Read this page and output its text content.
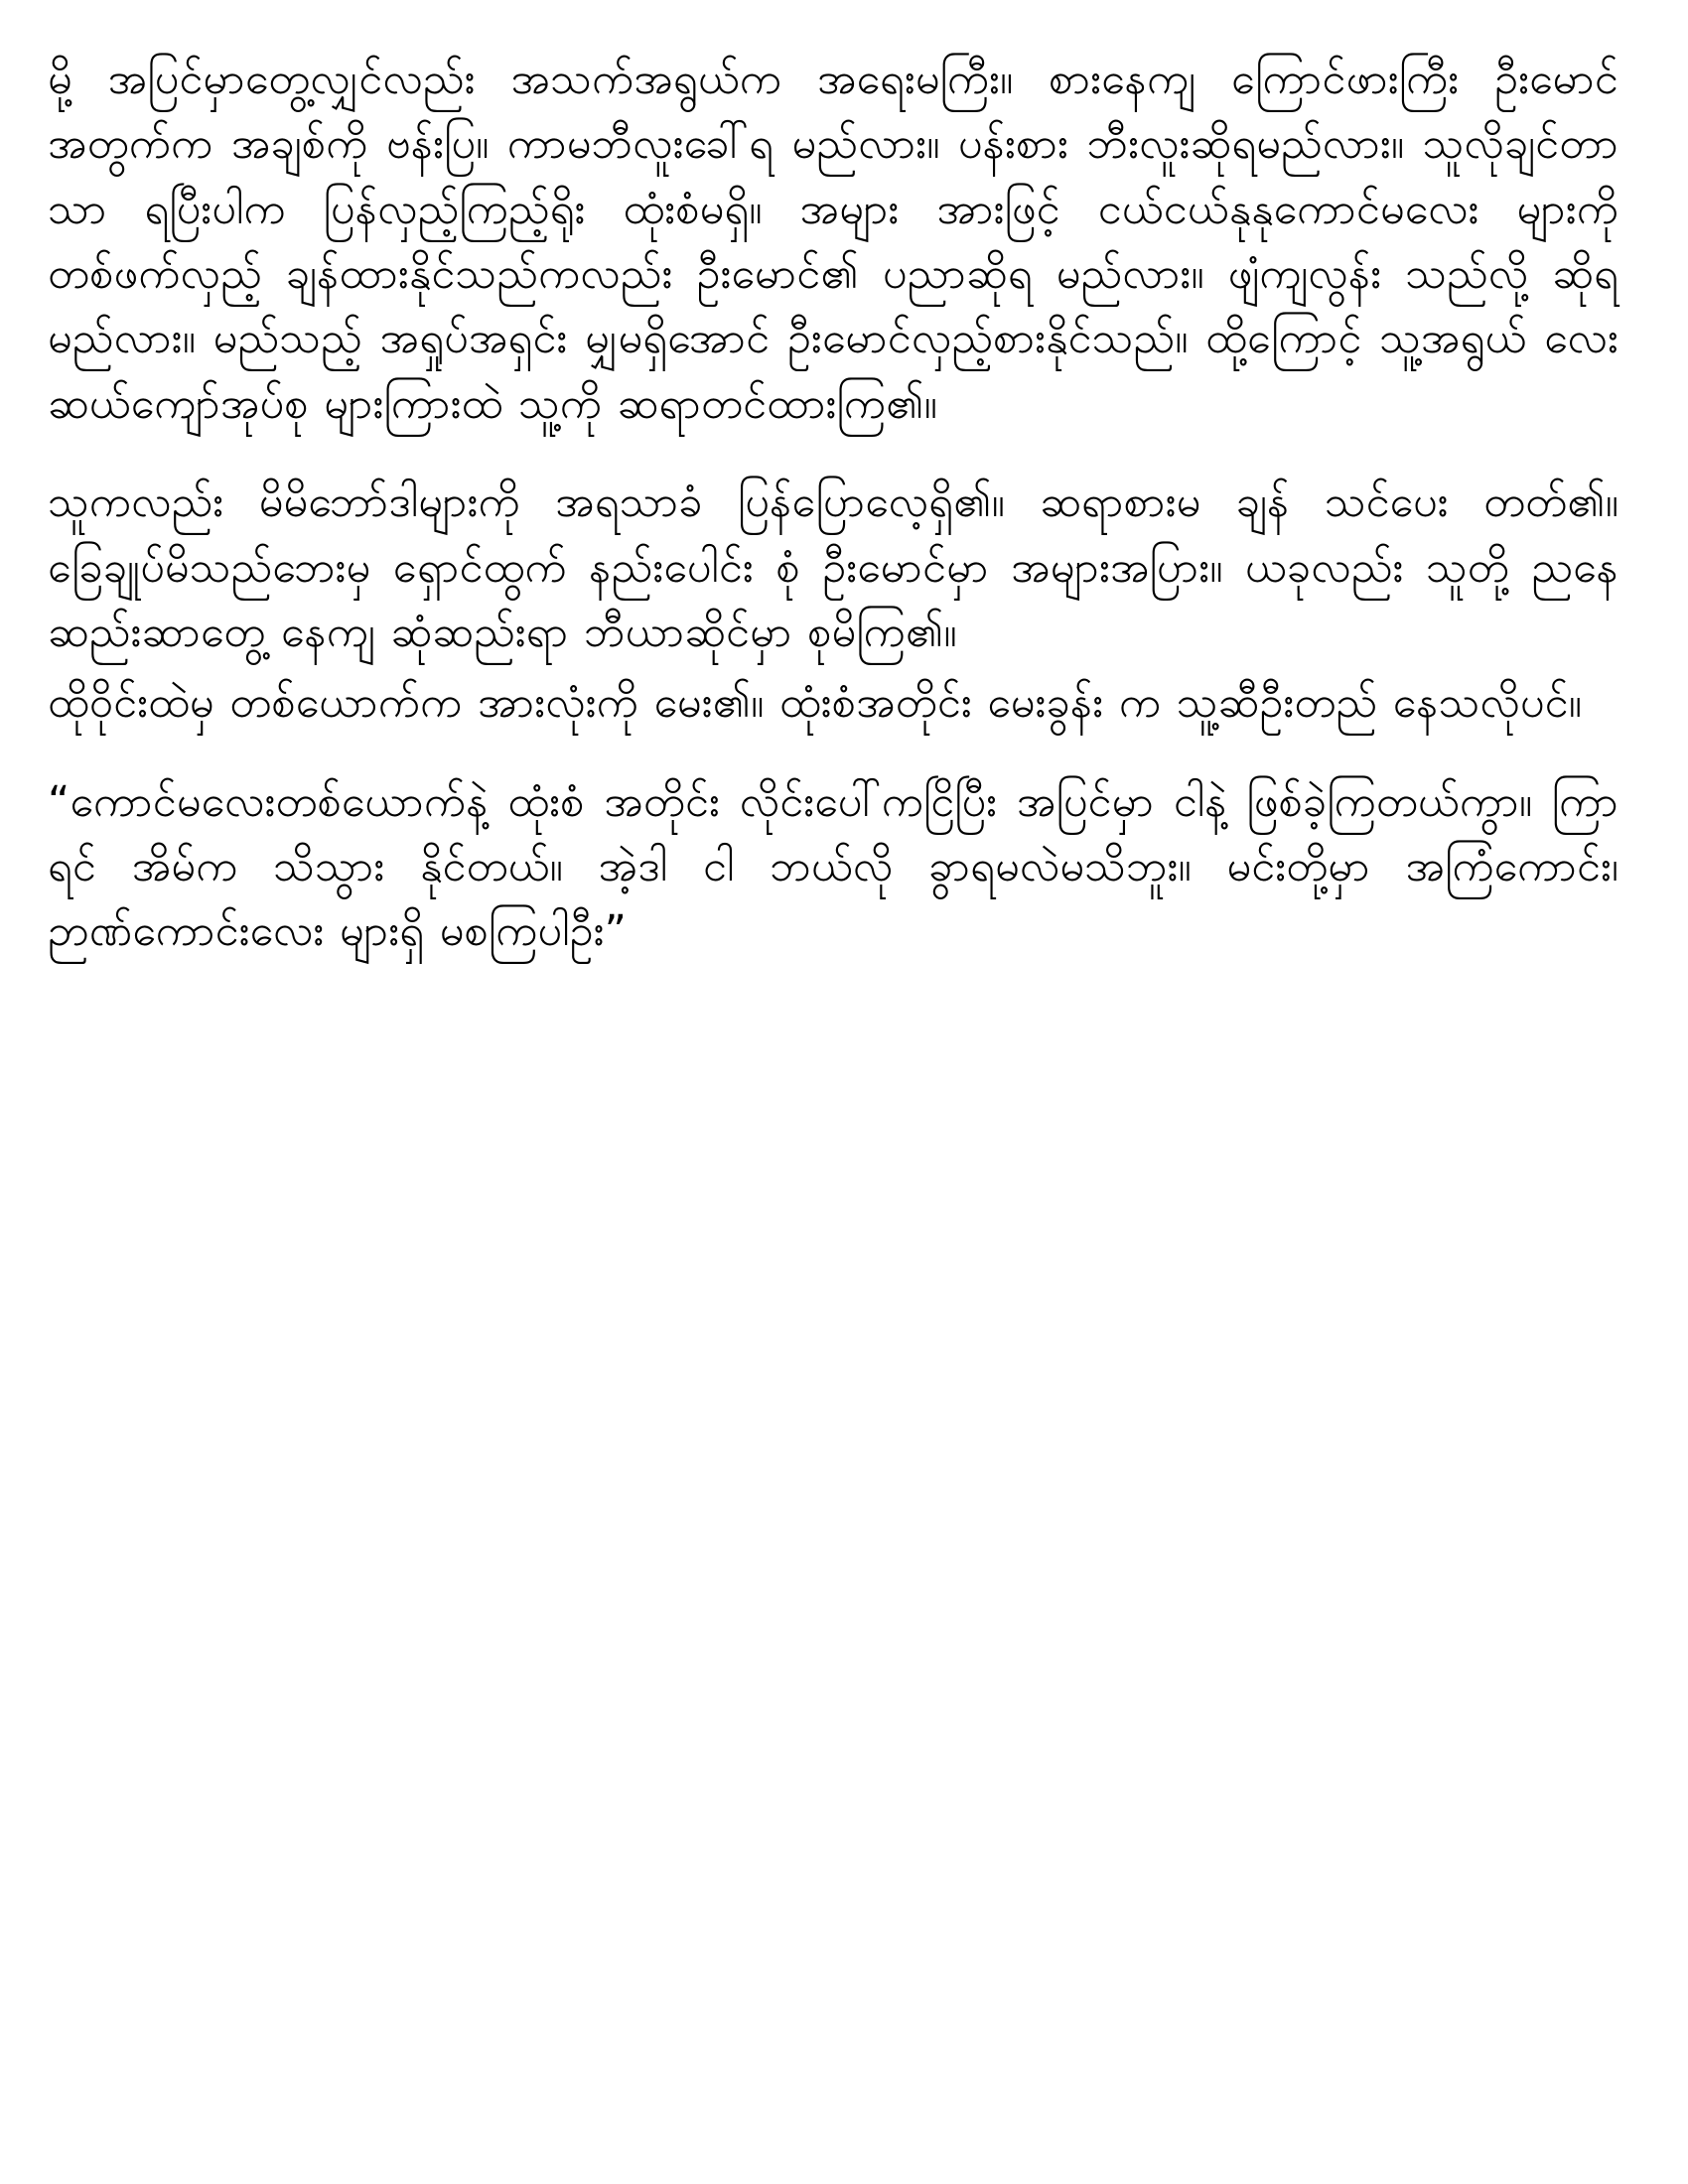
မို့ အပြင်မှာတွေ့လျှင်လည်း အသက်အရွယ်က အရေးမကြီး။ စားနေကျ ကြောင်ဖားကြီး ဦးမောင်အတွက်က အချစ်ကို ဗန်းပြ။ ကာမဘီလူးခေါ်ရ မည်လား။ ပန်းစား ဘီးလူးဆိုရမည်လား။ သူလိုချင်တာသာ ရပြီးပါက ပြန်လှည့်ကြည့်ရိုး ထုံးစံမရှိ။ အများ အားဖြင့် ငယ်ငယ်နုနုကောင်မလေး များကို တစ်ဖက်လှည့် ချန်ထားနိုင်သည်ကလည်း ဦးမောင်၏ ပညာဆိုရ မည်လား။ ဖျံကျလွန်း သည်လို့ ဆိုရမည်လား။ မည်သည့် အရှုပ်အရှင်း မျှမရှိအောင် ဦးမောင်လှည့်စားနိုင်သည်။ ထို့ကြောင့် သူ့အရွယ် လေး ဆယ်ကျော်အုပ်စု များကြားထဲ သူ့ကို ဆရာတင်ထားကြ၏။

သူကလည်း မိမိဘော်ဒါများကို အရသာခံ ပြန်ပြောလေ့ရှိ၏။ ဆရာစားမ ချန် သင်ပေး တတ်၏။ ခြေချုပ်မိသည်ဘေးမှ ရှောင်ထွက် နည်းပေါင်း စုံ ဦးမောင်မှာ အများအပြား။ ယခုလည်း သူတို့ ညနေဆည်းဆာတွေ့ နေကျ ဆုံဆည်းရာ ဘီယာဆိုင်မှာ စုမိကြ၏။

ထိုဝိုင်းထဲမှ တစ်ယောက်က အားလုံးကို မေး၏။ ထုံးစံအတိုင်း မေးခွန်း က သူ့ဆီဦးတည် နေသလိုပင်။

“ကောင်မလေးတစ်ယောက်နဲ့ ထုံးစံ အတိုင်း လိုင်းပေါ်ကငြိပြီး အပြင်မှာ ငါနဲ့ ဖြစ်ခဲ့ကြတယ်ကွာ။ ကြာရင် အိမ်က သိသွား နိုင်တယ်။ အဲ့ဒါ ငါ ဘယ်လို ခွာရမလဲမသိဘူး။ မင်းတို့မှာ အကြံကောင်း၊ ဉာဏ်ကောင်းလေး များရှိ မစကြပါဦး”
